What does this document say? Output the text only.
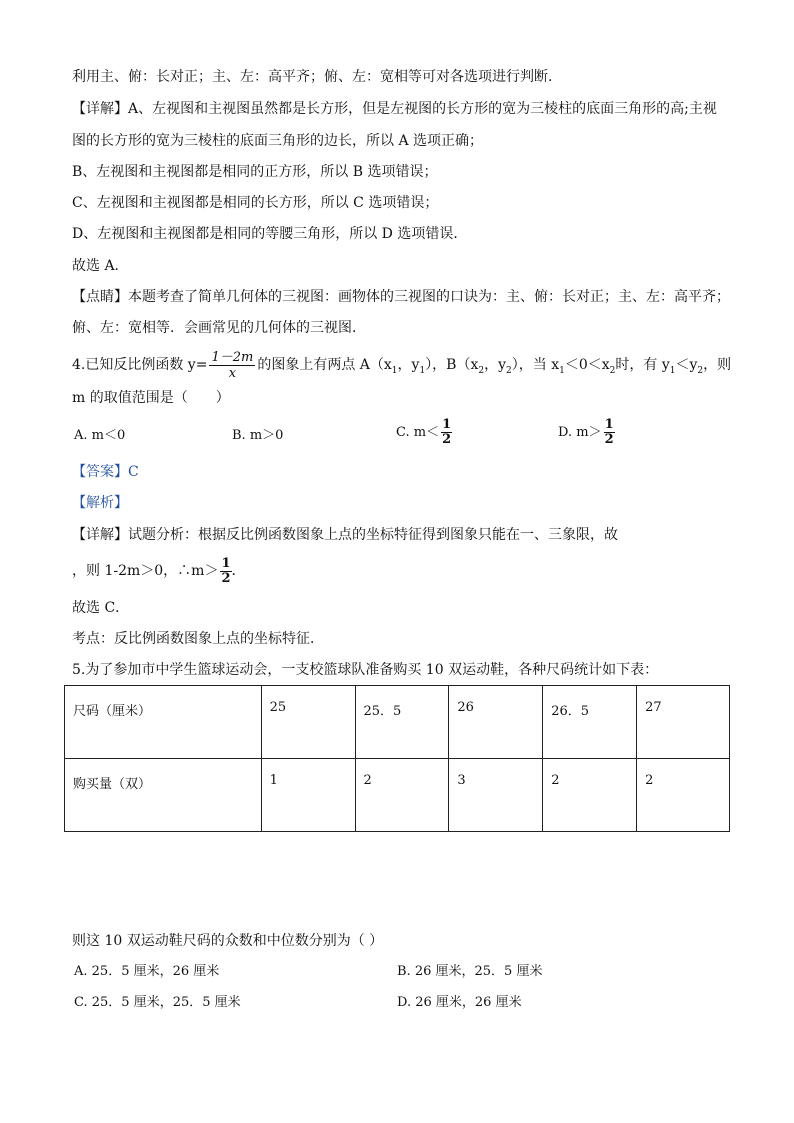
利用主、俯：长对正；主、左：高平齐；俯、左：宽相等可对各选项进行判断．
【详解】A、左视图和主视图虽然都是长方形，但是左视图的长方形的宽为三棱柱的底面三角形的高;主视
图的长方形的宽为三棱柱的底面三角形的边长，所以 A 选项正确；
B、左视图和主视图都是相同的正方形，所以 B 选项错误；
C、左视图和主视图都是相同的长方形，所以 C 选项错误；
D、左视图和主视图都是相同的等腰三角形，所以 D 选项错误．
故选 A．
【点睛】本题考查了简单几何体的三视图：画物体的三视图的口诀为：主、俯：长对正；主、左：高平齐；
俯、左：宽相等．会画常见的几何体的三视图．
4.已知反比例函数 $y= \frac{1-2m}{x}$ 的图象上有两点 $A(x_1$，$y_1$），$B(x_2$，$y_2$），当 $x_1<0<x_2$时，有 $y_1<y_2$，则
m 的取值范围是（　　）
A. m＜0	B. m＞0	C. $m< \frac{1}{2}$	D. $m> \frac{1}{2}$
【答案】C
【解析】
【详解】试题分析：根据反比例函数图象上点的坐标特征得到图象只能在一、三象限，故
，则 1-2m＞0，∴m＞ $\frac{1}{2}$ ．
故选 C．
考点：反比例函数图象上点的坐标特征．
5.为了参加市中学生篮球运动会，一支校篮球队准备购买 10 双运动鞋，各种尺码统计如下表：
尺码（厘米）	25	25．5	26	26．5	27
购买量（双）	1	2	3	2	2
则这 10 双运动鞋尺码的众数和中位数分别为（ ）
A. 25．5 厘米，26 厘米	B. 26 厘米，25．5 厘米
C. 25．5 厘米，25．5 厘米	D. 26 厘米，26 厘米
